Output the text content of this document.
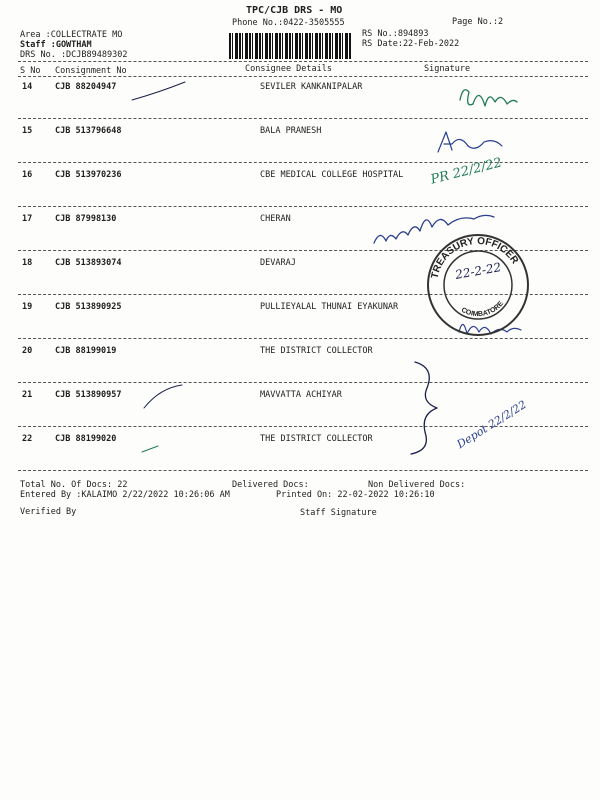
TPC/CJB DRS - MO
Phone No.:0422-3505555	Page No.:2
Area :COLLECTRATE MO
Staff :GOWTHAM
DRS No. :DCJB89489302
RS No.:894893
RS Date:22-Feb-2022
S No Consignment No	Consignee Details	Signature
14	CJB 88204947	SEVILER KANKANIPALAR
15	CJB 513796648	BALA PRANESH
16	CJB 513970236	CBE MEDICAL COLLEGE HOSPITAL
17	CJB 87998130	CHERAN
18	CJB 513893074	DEVARAJ
19	CJB 513890925	PULLIEYALAL THUNAI EYAKUNAR
20	CJB 88199019	THE DISTRICT COLLECTOR
21	CJB 513890957	MAVVATTA ACHIYAR
22	CJB 88199020	THE DISTRICT COLLECTOR
Total No. Of Docs: 22	Delivered Docs:	Non Delivered Docs:
Entered By :KALAIMO 2/22/2022 10:26:06 AM	Printed On: 22-02-2022 10:26:10
Verified By	Staff Signature
PR 22/2/22
Depot 22/2/22
TREASURY OFFICER
COIMBATORE
22-2-22
